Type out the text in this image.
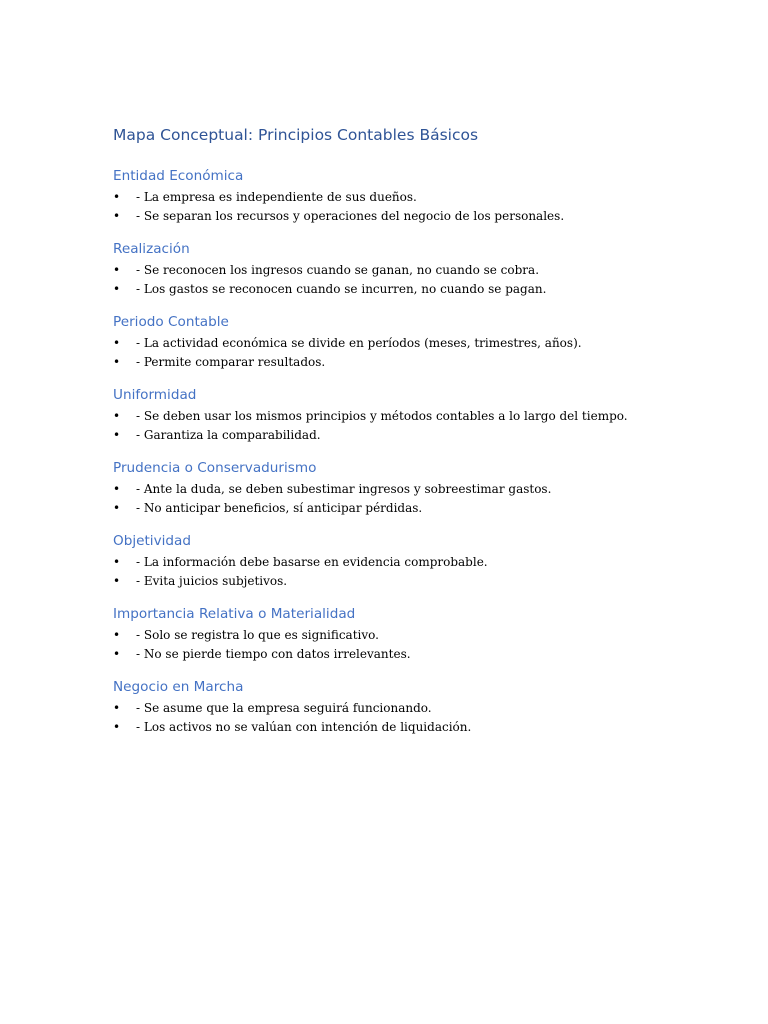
Mapa Conceptual: Principios Contables Básicos
Entidad Económica
• - La empresa es independiente de sus dueños.
• - Se separan los recursos y operaciones del negocio de los personales.
Realización
• - Se reconocen los ingresos cuando se ganan, no cuando se cobra.
• - Los gastos se reconocen cuando se incurren, no cuando se pagan.
Periodo Contable
• - La actividad económica se divide en períodos (meses, trimestres, años).
• - Permite comparar resultados.
Uniformidad
• - Se deben usar los mismos principios y métodos contables a lo largo del tiempo.
• - Garantiza la comparabilidad.
Prudencia o Conservadurismo
• - Ante la duda, se deben subestimar ingresos y sobreestimar gastos.
• - No anticipar beneficios, sí anticipar pérdidas.
Objetividad
• - La información debe basarse en evidencia comprobable.
• - Evita juicios subjetivos.
Importancia Relativa o Materialidad
• - Solo se registra lo que es significativo.
• - No se pierde tiempo con datos irrelevantes.
Negocio en Marcha
• - Se asume que la empresa seguirá funcionando.
• - Los activos no se valúan con intención de liquidación.
